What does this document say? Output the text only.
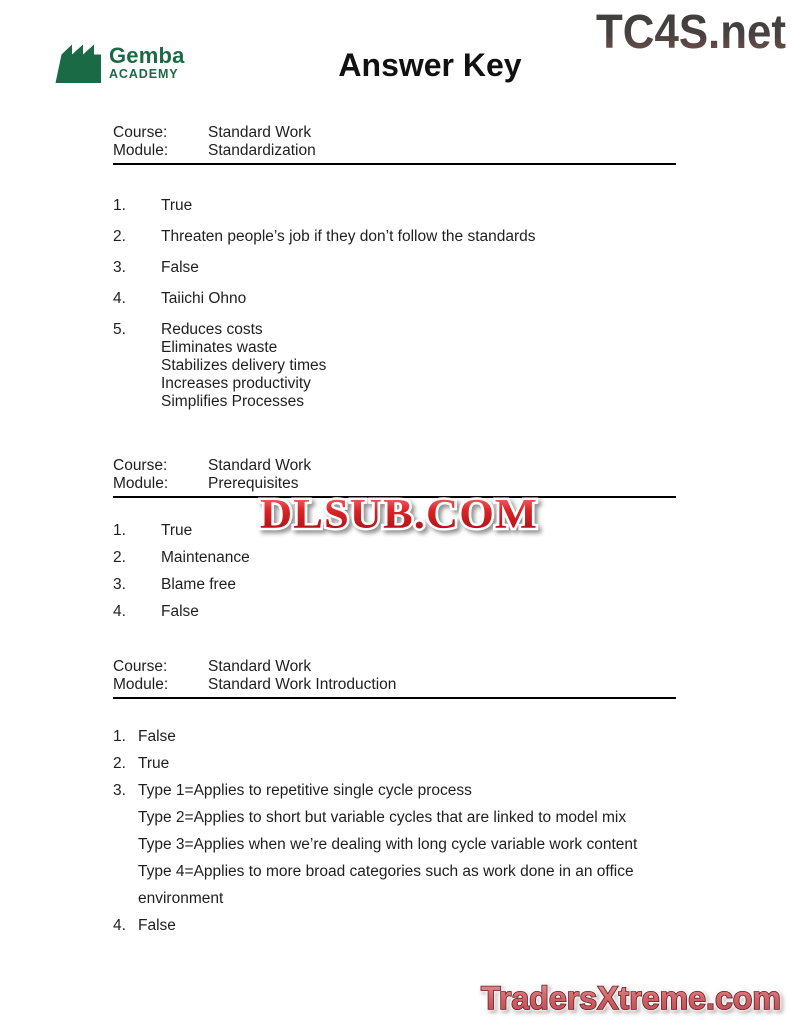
Gemba
ACADEMY	Answer Key
TC4S.net
Course:	Standard Work
Module:	Standardization
1.	True
2.	Threaten people’s job if they don’t follow the standards
3.	False
4.	Taiichi Ohno
5.	Reduces costs
Eliminates waste
Stabilizes delivery times
Increases productivity
Simplifies Processes
Course:	Standard Work
Module:	Prerequisites
1.	True
2.	Maintenance
3.	Blame free
4.	False
Course:	Standard Work
Module:	Standard Work Introduction
1. False
2. True
3. Type 1=Applies to repetitive single cycle process
Type 2=Applies to short but variable cycles that are linked to model mix
Type 3=Applies when we’re dealing with long cycle variable work content
Type 4=Applies to more broad categories such as work done in an office
environment
4. False
DLSUB.COM
TradersXtreme.com
